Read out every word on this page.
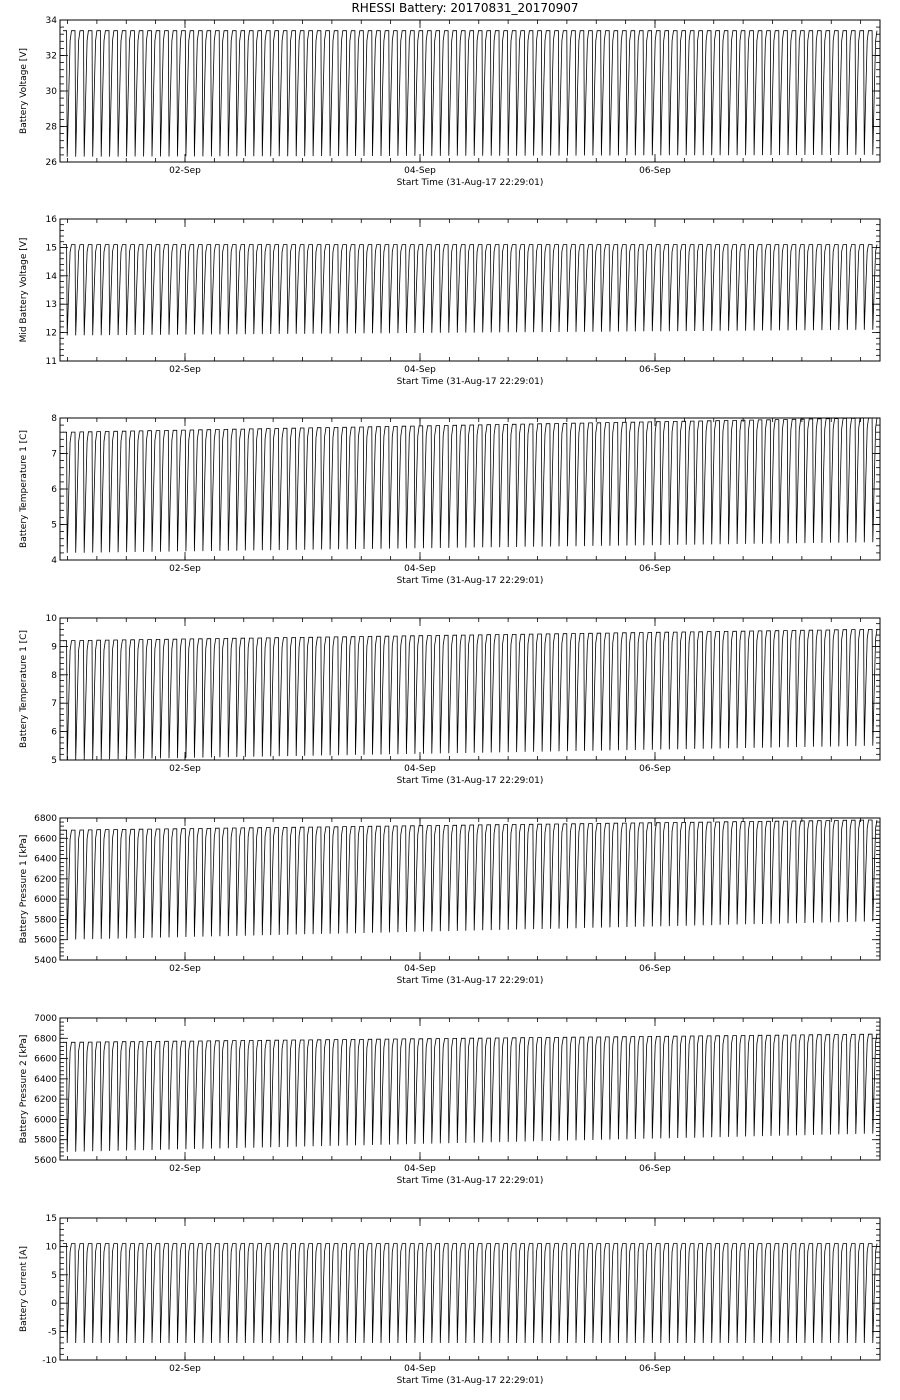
RHESSI Battery: 20170831_20170907
26
28
30
32
34
02-Sep	04-Sep	06-Sep
Start Time (31-Aug-17 22:29:01)
Battery Voltage [V]
11
12
13
14
15
16
02-Sep	04-Sep	06-Sep
Start Time (31-Aug-17 22:29:01)
Mid Battery Voltage [V]
4
5
6
7
8
02-Sep	04-Sep	06-Sep
Start Time (31-Aug-17 22:29:01)
Battery Temperature 1 [C]
5
6
7
8
9
10
02-Sep	04-Sep	06-Sep
Start Time (31-Aug-17 22:29:01)
Battery Temperature 1 [C]
5400
5600
5800
6000
6200
6400
6600
6800
02-Sep	04-Sep	06-Sep
Start Time (31-Aug-17 22:29:01)
Battery Pressure 1 [kPa]
5600
5800
6000
6200
6400
6600
6800
7000
02-Sep	04-Sep	06-Sep
Start Time (31-Aug-17 22:29:01)
Battery Pressure 2 [kPa]
-10
-5
0
5
10
15
02-Sep	04-Sep	06-Sep
Start Time (31-Aug-17 22:29:01)
Battery Current [A]
